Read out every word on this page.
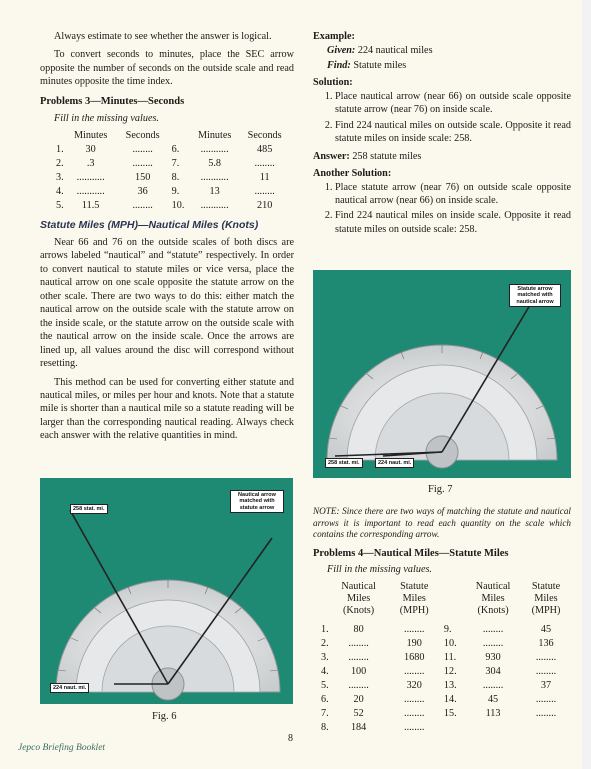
Always estimate to see whether the answer is logical.

To convert seconds to minutes, place the SEC arrow opposite the number of seconds on the outside scale and read minutes opposite the time index.

Problems 3—Minutes—Seconds
Fill in the missing values.
	Minutes	Seconds		Minutes	Seconds
1.	30	........	6.	...........	485
2.	.3	........	7.	5.8	........
3.	...........	150	8.	...........	11
4.	...........	36	9.	13	........
5.	11.5	........	10.	...........	210
Statute Miles (MPH)—Nautical Miles (Knots)

Near 66 and 76 on the outside scales of both discs are arrows labeled “nautical” and “statute” respectively. In order to convert nautical to statute miles or vice versa, place the nautical arrow on one scale opposite the statute arrow on the other scale. There are two ways to do this: either match the nautical arrow on the outside scale with the statute arrow on the inside scale, or the statute arrow on the outside scale with the nautical arrow on the inside scale. Once the arrows are lined up, all values around the disc will correspond without resetting.

This method can be used for converting either statute and nautical miles, or miles per hour and knots. Note that a statute mile is shorter than a nautical mile so a statute reading will be larger than the corresponding nautical reading. Always check each answer with the relative quantities in mind.

258 stat. mi.
Nautical arrow matched with statute arrow
224 naut. mi.
Fig. 6
Example:
Given: 224 nautical miles
Find: Statute miles
Solution:
1. Place nautical arrow (near 66) on outside scale opposite statute arrow (near 76) on inside scale.
2. Find 224 nautical miles on outside scale. Opposite it read statute miles on inside scale: 258.
Answer: 258 statute miles
Another Solution:
1. Place statute arrow (near 76) on outside scale opposite nautical arrow (near 66) on inside scale.
2. Find 224 nautical miles on inside scale. Opposite it read statute miles on outside scale: 258.
Statute arrow matched with nautical arrow
258 stat. mi.	224 naut. mi.
Fig. 7
NOTE: Since there are two ways of matching the statute and nautical arrows it is important to read each quantity on the scale which contains the corresponding arrow.
Problems 4—Nautical Miles—Statute Miles
Fill in the missing values.
	Nautical Miles (Knots)	Statute Miles (MPH)		Nautical Miles (Knots)	Statute Miles (MPH)
1.	80	........	9.	........	45
2.	........	190	10.	........	136
3.	........	1680	11.	930	........
4.	100	........	12.	304	........
5.	........	320	13.	........	37
6.	20	........	14.	45	........
7.	52	........	15.	113	........
8.	184	........			
Jepco Briefing Booklet
8
